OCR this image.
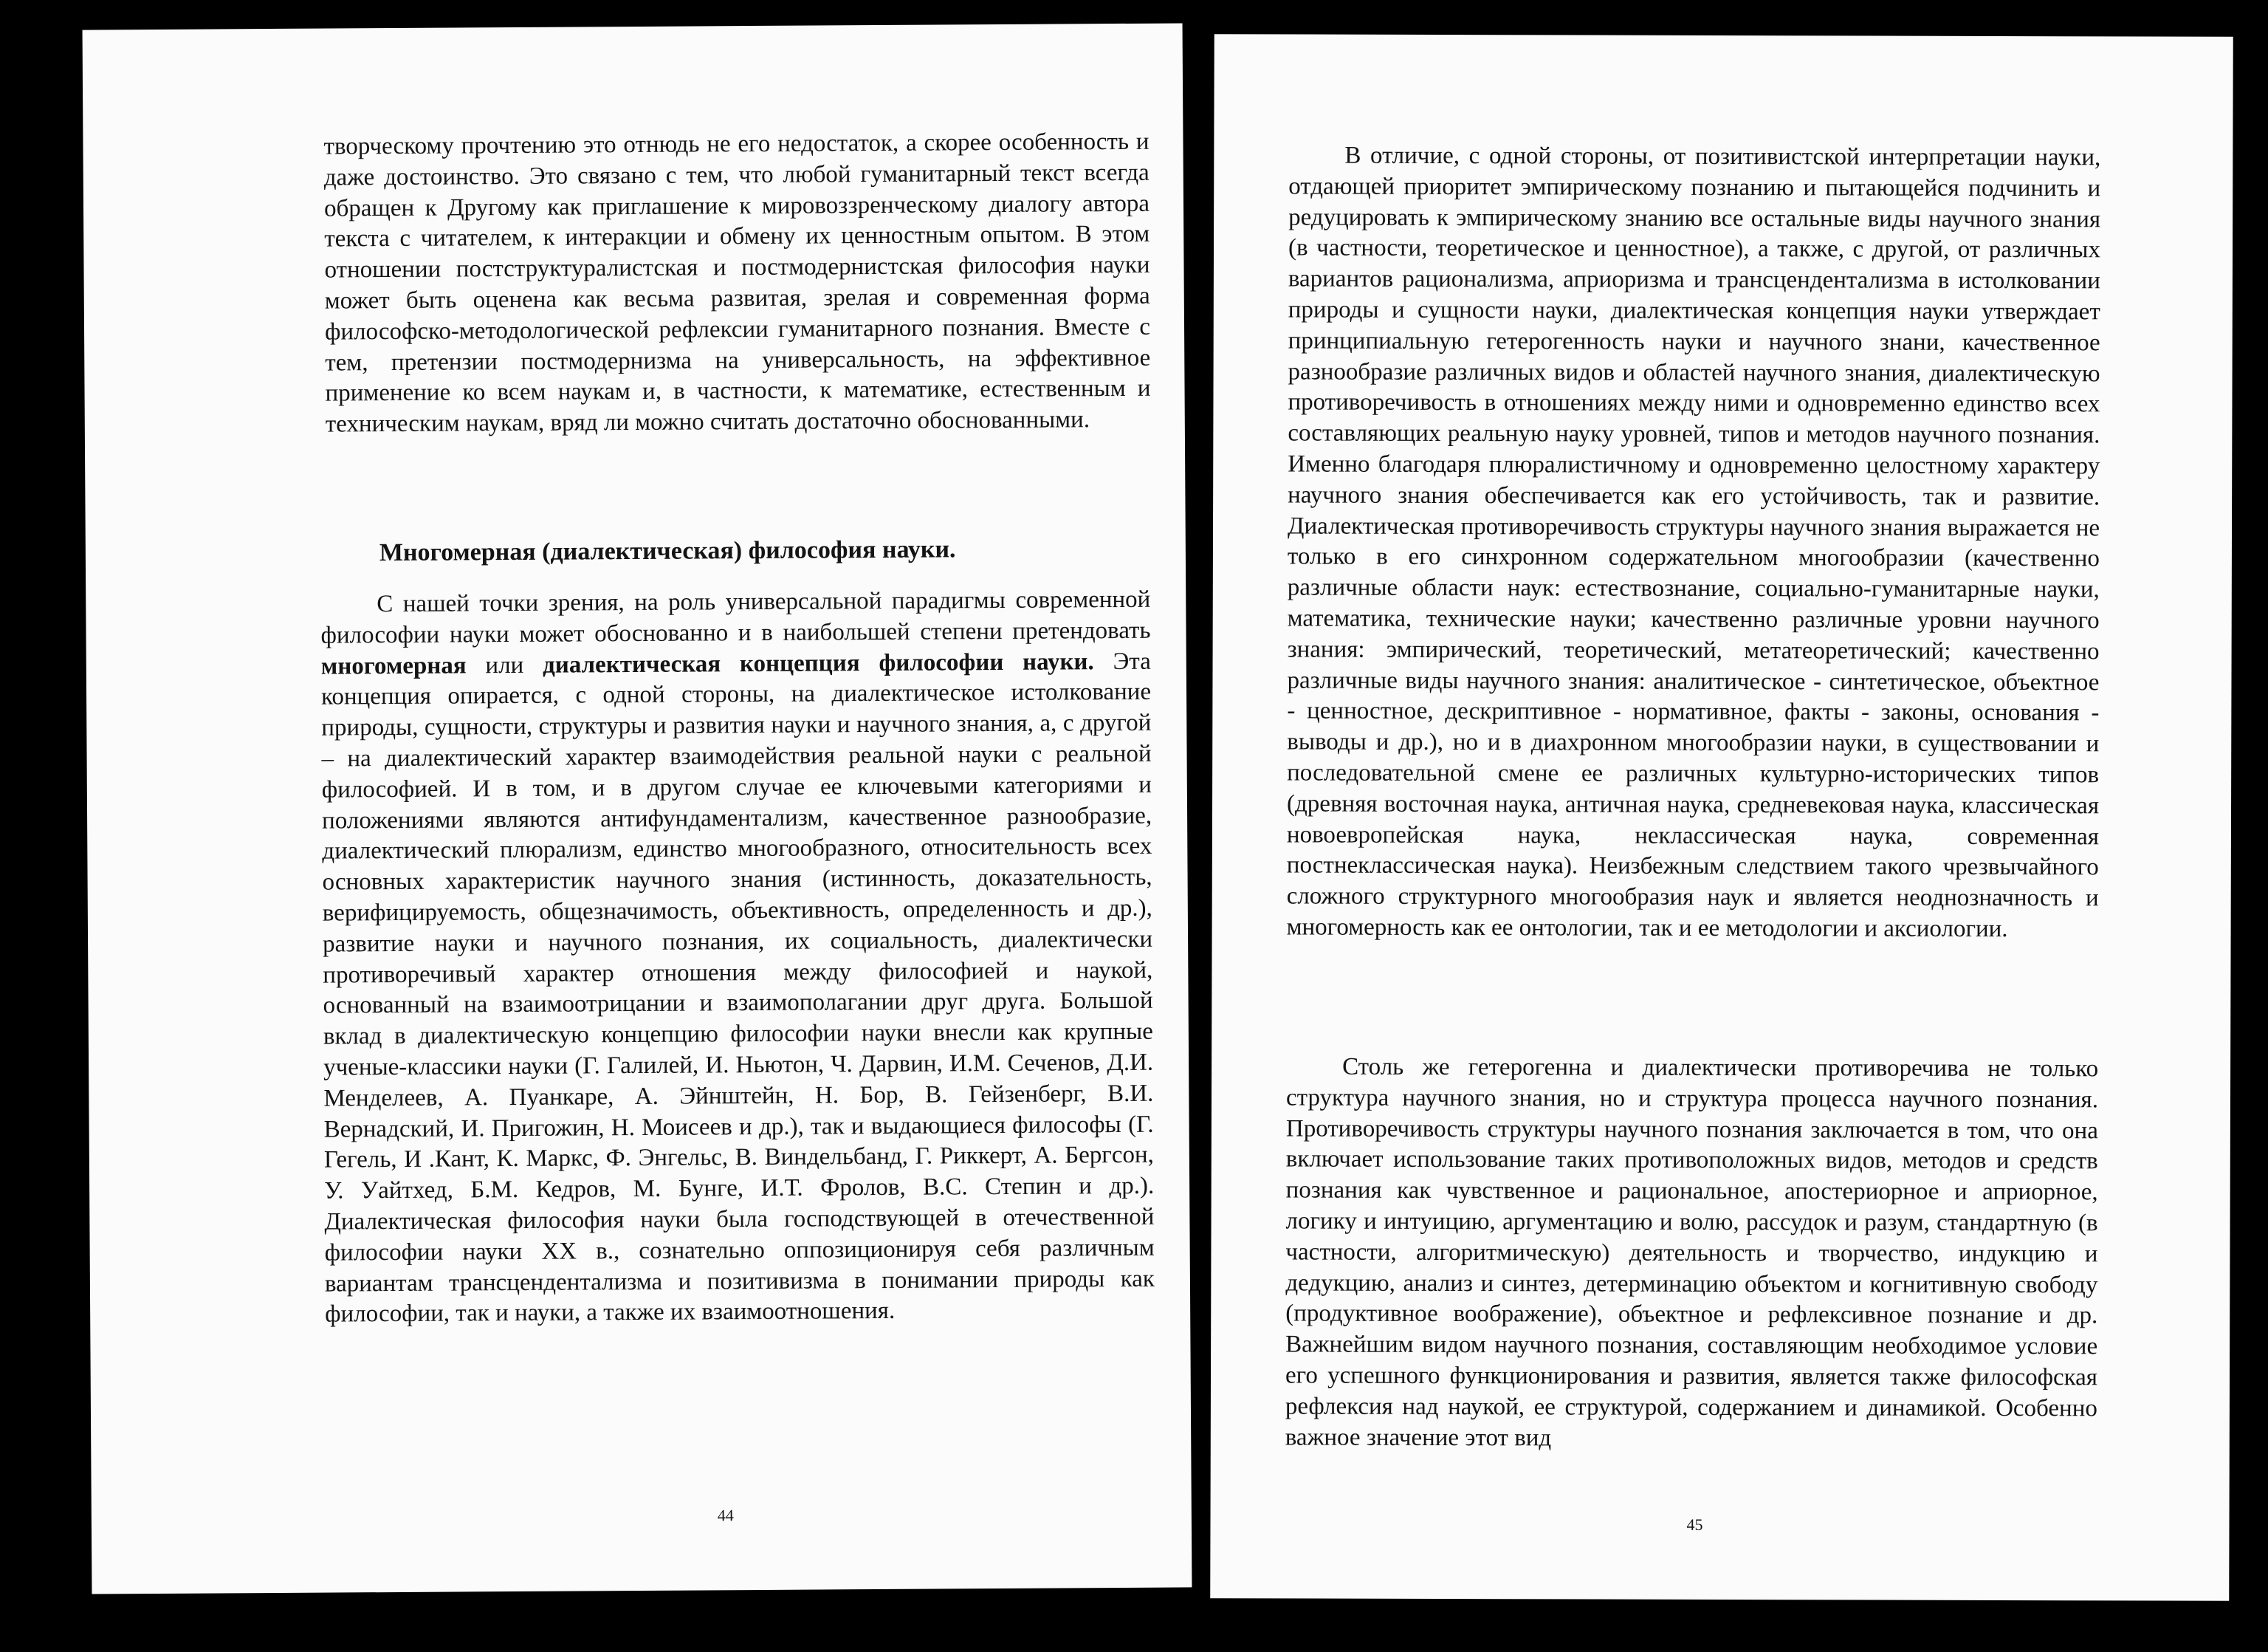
творческому прочтению это отнюдь не его недостаток, а скорее особенность и даже достоинство. Это связано с тем, что любой гуманитарный текст всегда обращен к Другому как приглашение к мировоззренческому диалогу автора текста с читателем, к интеракции и обмену их ценностным опытом. В этом отношении постструктуралистская и постмодернистская философия науки может быть оценена как весьма развитая, зрелая и современная форма философско-методологической рефлексии гуманитарного познания. Вместе с тем, претензии постмодернизма на универсальность, на эффективное применение ко всем наукам и, в частности, к математике, естественным и техническим наукам, вряд ли можно считать достаточно обоснованными.

Многомерная (диалектическая) философия науки.

С нашей точки зрения, на роль универсальной парадигмы современной философии науки может обоснованно и в наибольшей степени претендовать многомерная или диалектическая концепция философии науки. Эта концепция опирается, с одной стороны, на диалектическое истолкование природы, сущности, структуры и развития науки и научного знания, а, с другой – на диалектический характер взаимодействия реальной науки с реальной философией. И в том, и в другом случае ее ключевыми категориями и положениями являются антифундаментализм, качественное разнообразие, диалектический плюрализм, единство многообразного, относительность всех основных характеристик научного знания (истинность, доказательность, верифицируемость, общезначимость, объективность, определенность и др.), развитие науки и научного познания, их социальность, диалектически противоречивый характер отношения между философией и наукой, основанный на взаимоотрицании и взаимополагании друг друга. Большой вклад в диалектическую концепцию философии науки внесли как крупные ученые-классики науки (Г. Галилей, И. Ньютон, Ч. Дарвин, И.М. Сеченов, Д.И. Менделеев, А. Пуанкаре, А. Эйнштейн, Н. Бор, В. Гейзенберг, В.И. Вернадский, И. Пригожин, Н. Моисеев и др.), так и выдающиеся философы (Г. Гегель, И .Кант, К. Маркс, Ф. Энгельс, В. Виндельбанд, Г. Риккерт, А. Бергсон, У. Уайтхед, Б.М. Кедров, М. Бунге, И.Т. Фролов, В.С. Степин и др.). Диалектическая философия науки была господствующей в отечественной философии науки XX в., сознательно оппозиционируя себя различным вариантам трансцендентализма и позитивизма в понимании природы как философии, так и науки, а также их взаимоотношения.

44

В отличие, с одной стороны, от позитивистской интерпретации науки, отдающей приоритет эмпирическому познанию и пытающейся подчинить и редуцировать к эмпирическому знанию все остальные виды научного знания (в частности, теоретическое и ценностное), а также, с другой, от различных вариантов рационализма, априоризма и трансцендентализма в истолковании природы и сущности науки, диалектическая концепция науки утверждает принципиальную гетерогенность науки и научного знани, качественное разнообразие различных видов и областей научного знания, диалектическую противоречивость в отношениях между ними и одновременно единство всех составляющих реальную науку уровней, типов и методов научного познания. Именно благодаря плюралистичному и одновременно целостному характеру научного знания обеспечивается как его устойчивость, так и развитие. Диалектическая противоречивость структуры научного знания выражается не только в его синхронном содержательном многообразии (качественно различные области наук: естествознание, социально-гуманитарные науки, математика, технические науки; качественно различные уровни научного знания: эмпирический, теоретический, метатеоретический; качественно различные виды научного знания: аналитическое - синтетическое, объектное - ценностное, дескриптивное - нормативное, факты - законы, основания - выводы и др.), но и в диахронном многообразии науки, в существовании и последовательной смене ее различных культурно-исторических типов (древняя восточная наука, античная наука, средневековая наука, классическая новоевропейская наука, неклассическая наука, современная постнеклассическая наука). Неизбежным следствием такого чрезвычайного сложного структурного многообразия наук и является неоднозначность и многомерность как ее онтологии, так и ее методологии и аксиологии.

Столь же гетерогенна и диалектически противоречива не только структура научного знания, но и структура процесса научного познания. Противоречивость структуры научного познания заключается в том, что она включает использование таких противоположных видов, методов и средств познания как чувственное и рациональное, апостериорное и априорное, логику и интуицию, аргументацию и волю, рассудок и разум, стандартную (в частности, алгоритмическую) деятельность и творчество, индукцию и дедукцию, анализ и синтез, детерминацию объектом и когнитивную свободу (продуктивное воображение), объектное и рефлексивное познание и др. Важнейшим видом научного познания, составляющим необходимое условие его успешного функционирования и развития, является также философская рефлексия над наукой, ее структурой, содержанием и динамикой. Особенно важное значение этот вид

45
